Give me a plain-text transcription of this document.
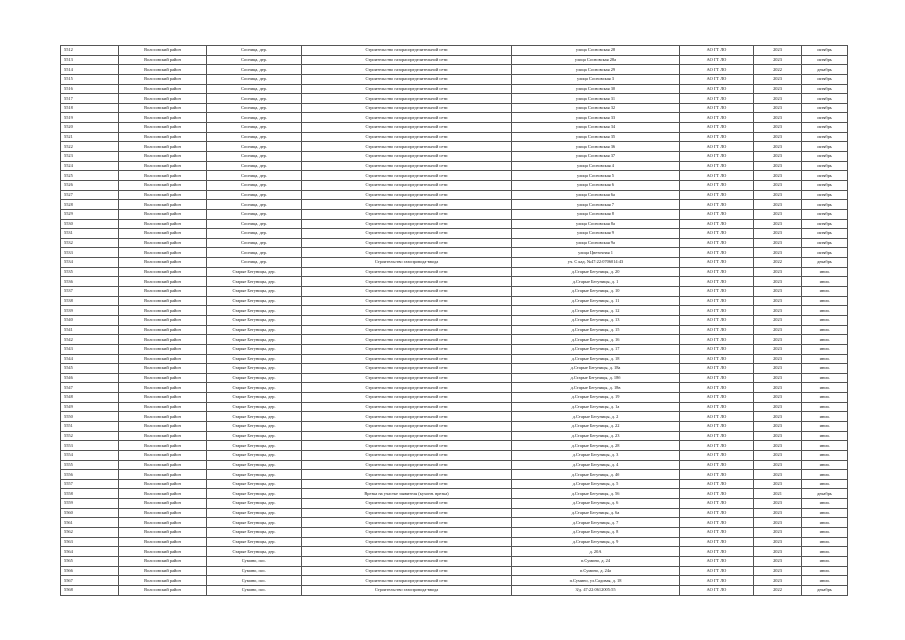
5512	Волосовский район	Сосница, дер.	Строительство газораспределительной сети	улица Сосновская 28	АО ГТ ЛО	2023	октябрь
5513	Волосовский район	Сосница, дер.	Строительство газораспределительной сети	улица Сосновская 28а	АО ГТ ЛО	2023	октябрь
5514	Волосовский район	Сосница, дер.	Строительство газораспределительной сети	улица Сосновская 29	АО ГТ ЛО	2022	декабрь
5515	Волосовский район	Сосница, дер.	Строительство газораспределительной сети	улица Сосновская 3	АО ГТ ЛО	2023	октябрь
5516	Волосовский район	Сосница, дер.	Строительство газораспределительной сети	улица Сосновская 30	АО ГТ ЛО	2023	октябрь
5517	Волосовский район	Сосница, дер.	Строительство газораспределительной сети	улица Сосновская 31	АО ГТ ЛО	2023	октябрь
5518	Волосовский район	Сосница, дер.	Строительство газораспределительной сети	улица Сосновская 32	АО ГТ ЛО	2023	октябрь
5519	Волосовский район	Сосница, дер.	Строительство газораспределительной сети	улица Сосновская 33	АО ГТ ЛО	2023	октябрь
5520	Волосовский район	Сосница, дер.	Строительство газораспределительной сети	улица Сосновская 34	АО ГТ ЛО	2023	октябрь
5521	Волосовский район	Сосница, дер.	Строительство газораспределительной сети	улица Сосновская 35	АО ГТ ЛО	2023	октябрь
5522	Волосовский район	Сосница, дер.	Строительство газораспределительной сети	улица Сосновская 36	АО ГТ ЛО	2023	октябрь
5523	Волосовский район	Сосница, дер.	Строительство газораспределительной сети	улица Сосновская 37	АО ГТ ЛО	2023	октябрь
5524	Волосовский район	Сосница, дер.	Строительство газораспределительной сети	улица Сосновская 4	АО ГТ ЛО	2023	октябрь
5525	Волосовский район	Сосница, дер.	Строительство газораспределительной сети	улица Сосновская 5	АО ГТ ЛО	2023	октябрь
5526	Волосовский район	Сосница, дер.	Строительство газораспределительной сети	улица Сосновская 6	АО ГТ ЛО	2023	октябрь
5527	Волосовский район	Сосница, дер.	Строительство газораспределительной сети	улица Сосновская 6а	АО ГТ ЛО	2023	октябрь
5528	Волосовский район	Сосница, дер.	Строительство газораспределительной сети	улица Сосновская 7	АО ГТ ЛО	2023	октябрь
5529	Волосовский район	Сосница, дер.	Строительство газораспределительной сети	улица Сосновская 8	АО ГТ ЛО	2023	октябрь
5530	Волосовский район	Сосница, дер.	Строительство газораспределительной сети	улица Сосновская 8а	АО ГТ ЛО	2023	октябрь
5531	Волосовский район	Сосница, дер.	Строительство газораспределительной сети	улица Сосновская 9	АО ГТ ЛО	2023	октябрь
5532	Волосовский район	Сосница, дер.	Строительство газораспределительной сети	улица Сосновская 9а	АО ГТ ЛО	2023	октябрь
5533	Волосовский район	Сосница, дер.	Строительство газораспределительной сети	улица Цветочная 1	АО ГТ ЛО	2023	октябрь
5534	Волосовский район	Сосница, дер.	Строительство газопровода-ввода	уч. С кад. №47:22:0706014:43	АО ГТ ЛО	2022	декабрь
5535	Волосовский район	Старые Бегуницы, дер.	Строительство газораспределительной сети	д.Старые Бегуницы, д. 20	АО ГТ ЛО	2023	июль
5536	Волосовский район	Старые Бегуницы, дер.	Строительство газораспределительной сети	д.Старые Бегуницы, д. 1	АО ГТ ЛО	2023	июль
5537	Волосовский район	Старые Бегуницы, дер.	Строительство газораспределительной сети	д.Старые Бегуницы, д. 10	АО ГТ ЛО	2023	июль
5538	Волосовский район	Старые Бегуницы, дер.	Строительство газораспределительной сети	д.Старые Бегуницы, д. 11	АО ГТ ЛО	2023	июль
5539	Волосовский район	Старые Бегуницы, дер.	Строительство газораспределительной сети	д.Старые Бегуницы, д. 12	АО ГТ ЛО	2023	июль
5540	Волосовский район	Старые Бегуницы, дер.	Строительство газораспределительной сети	д.Старые Бегуницы, д. 13	АО ГТ ЛО	2023	июль
5541	Волосовский район	Старые Бегуницы, дер.	Строительство газораспределительной сети	д.Старые Бегуницы, д. 15	АО ГТ ЛО	2023	июль
5542	Волосовский район	Старые Бегуницы, дер.	Строительство газораспределительной сети	д.Старые Бегуницы, д. 16	АО ГТ ЛО	2023	июль
5543	Волосовский район	Старые Бегуницы, дер.	Строительство газораспределительной сети	д.Старые Бегуницы, д. 17	АО ГТ ЛО	2023	июль
5544	Волосовский район	Старые Бегуницы, дер.	Строительство газораспределительной сети	д.Старые Бегуницы, д. 18	АО ГТ ЛО	2023	июль
5545	Волосовский район	Старые Бегуницы, дер.	Строительство газораспределительной сети	д.Старые Бегуницы, д. 18а	АО ГТ ЛО	2023	июль
5546	Волосовский район	Старые Бегуницы, дер.	Строительство газораспределительной сети	д.Старые Бегуницы, д. 18б	АО ГТ ЛО	2023	июль
5547	Волосовский район	Старые Бегуницы, дер.	Строительство газораспределительной сети	д.Старые Бегуницы, д. 18в	АО ГТ ЛО	2023	июль
5548	Волосовский район	Старые Бегуницы, дер.	Строительство газораспределительной сети	д.Старые Бегуницы, д. 19	АО ГТ ЛО	2023	июль
5549	Волосовский район	Старые Бегуницы, дер.	Строительство газораспределительной сети	д.Старые Бегуницы, д. 1а	АО ГТ ЛО	2023	июль
5550	Волосовский район	Старые Бегуницы, дер.	Строительство газораспределительной сети	д.Старые Бегуницы, д. 2	АО ГТ ЛО	2023	июль
5551	Волосовский район	Старые Бегуницы, дер.	Строительство газораспределительной сети	д.Старые Бегуницы, д. 22	АО ГТ ЛО	2023	июль
5552	Волосовский район	Старые Бегуницы, дер.	Строительство газораспределительной сети	д.Старые Бегуницы, д. 23	АО ГТ ЛО	2023	июль
5553	Волосовский район	Старые Бегуницы, дер.	Строительство газораспределительной сети	д.Старые Бегуницы, д. 28	АО ГТ ЛО	2023	июль
5554	Волосовский район	Старые Бегуницы, дер.	Строительство газораспределительной сети	д.Старые Бегуницы, д. 3	АО ГТ ЛО	2023	июль
5555	Волосовский район	Старые Бегуницы, дер.	Строительство газораспределительной сети	д.Старые Бегуницы, д. 4	АО ГТ ЛО	2023	июль
5556	Волосовский район	Старые Бегуницы, дер.	Строительство газораспределительной сети	д.Старые Бегуницы, д. 4б	АО ГТ ЛО	2023	июль
5557	Волосовский район	Старые Бегуницы, дер.	Строительство газораспределительной сети	д.Старые Бегуницы, д. 5	АО ГТ ЛО	2023	июль
5558	Волосовский район	Старые Бегуницы, дер.	Врезка на участке заявителя (кухонн. врезка)	д.Старые Бегуницы, д. 56	АО ГТ ЛО	2021	декабрь
5559	Волосовский район	Старые Бегуницы, дер.	Строительство газораспределительной сети	д.Старые Бегуницы, д. 6	АО ГТ ЛО	2023	июль
5560	Волосовский район	Старые Бегуницы, дер.	Строительство газораспределительной сети	д.Старые Бегуницы, д. 6а	АО ГТ ЛО	2023	июль
5561	Волосовский район	Старые Бегуницы, дер.	Строительство газораспределительной сети	д.Старые Бегуницы, д. 7	АО ГТ ЛО	2023	июль
5562	Волосовский район	Старые Бегуницы, дер.	Строительство газораспределительной сети	д.Старые Бегуницы, д. 8	АО ГТ ЛО	2023	июль
5563	Волосовский район	Старые Бегуницы, дер.	Строительство газораспределительной сети	д.Старые Бегуницы, д. 9	АО ГТ ЛО	2023	июль
5564	Волосовский район	Старые Бегуницы, дер.	Строительство газораспределительной сети	д. 20А	АО ГТ ЛО	2023	июль
5565	Волосовский район	Сумино, пос.	Строительство газораспределительной сети	п.Сумино, д. 24	АО ГТ ЛО	2023	июль
5566	Волосовский район	Сумино, пос.	Строительство газораспределительной сети	п.Сумино, д. 24а	АО ГТ ЛО	2023	июль
5567	Волосовский район	Сумино, пос.	Строительство газораспределительной сети	п.Сумино, ул.Садовая, д. 18	АО ГТ ЛО	2023	июль
5568	Волосовский район	Сумино, пос.	Строительство газопровода-ввода	З/д. 47:22:0612005:55	АО ГТ ЛО	2022	декабрь
